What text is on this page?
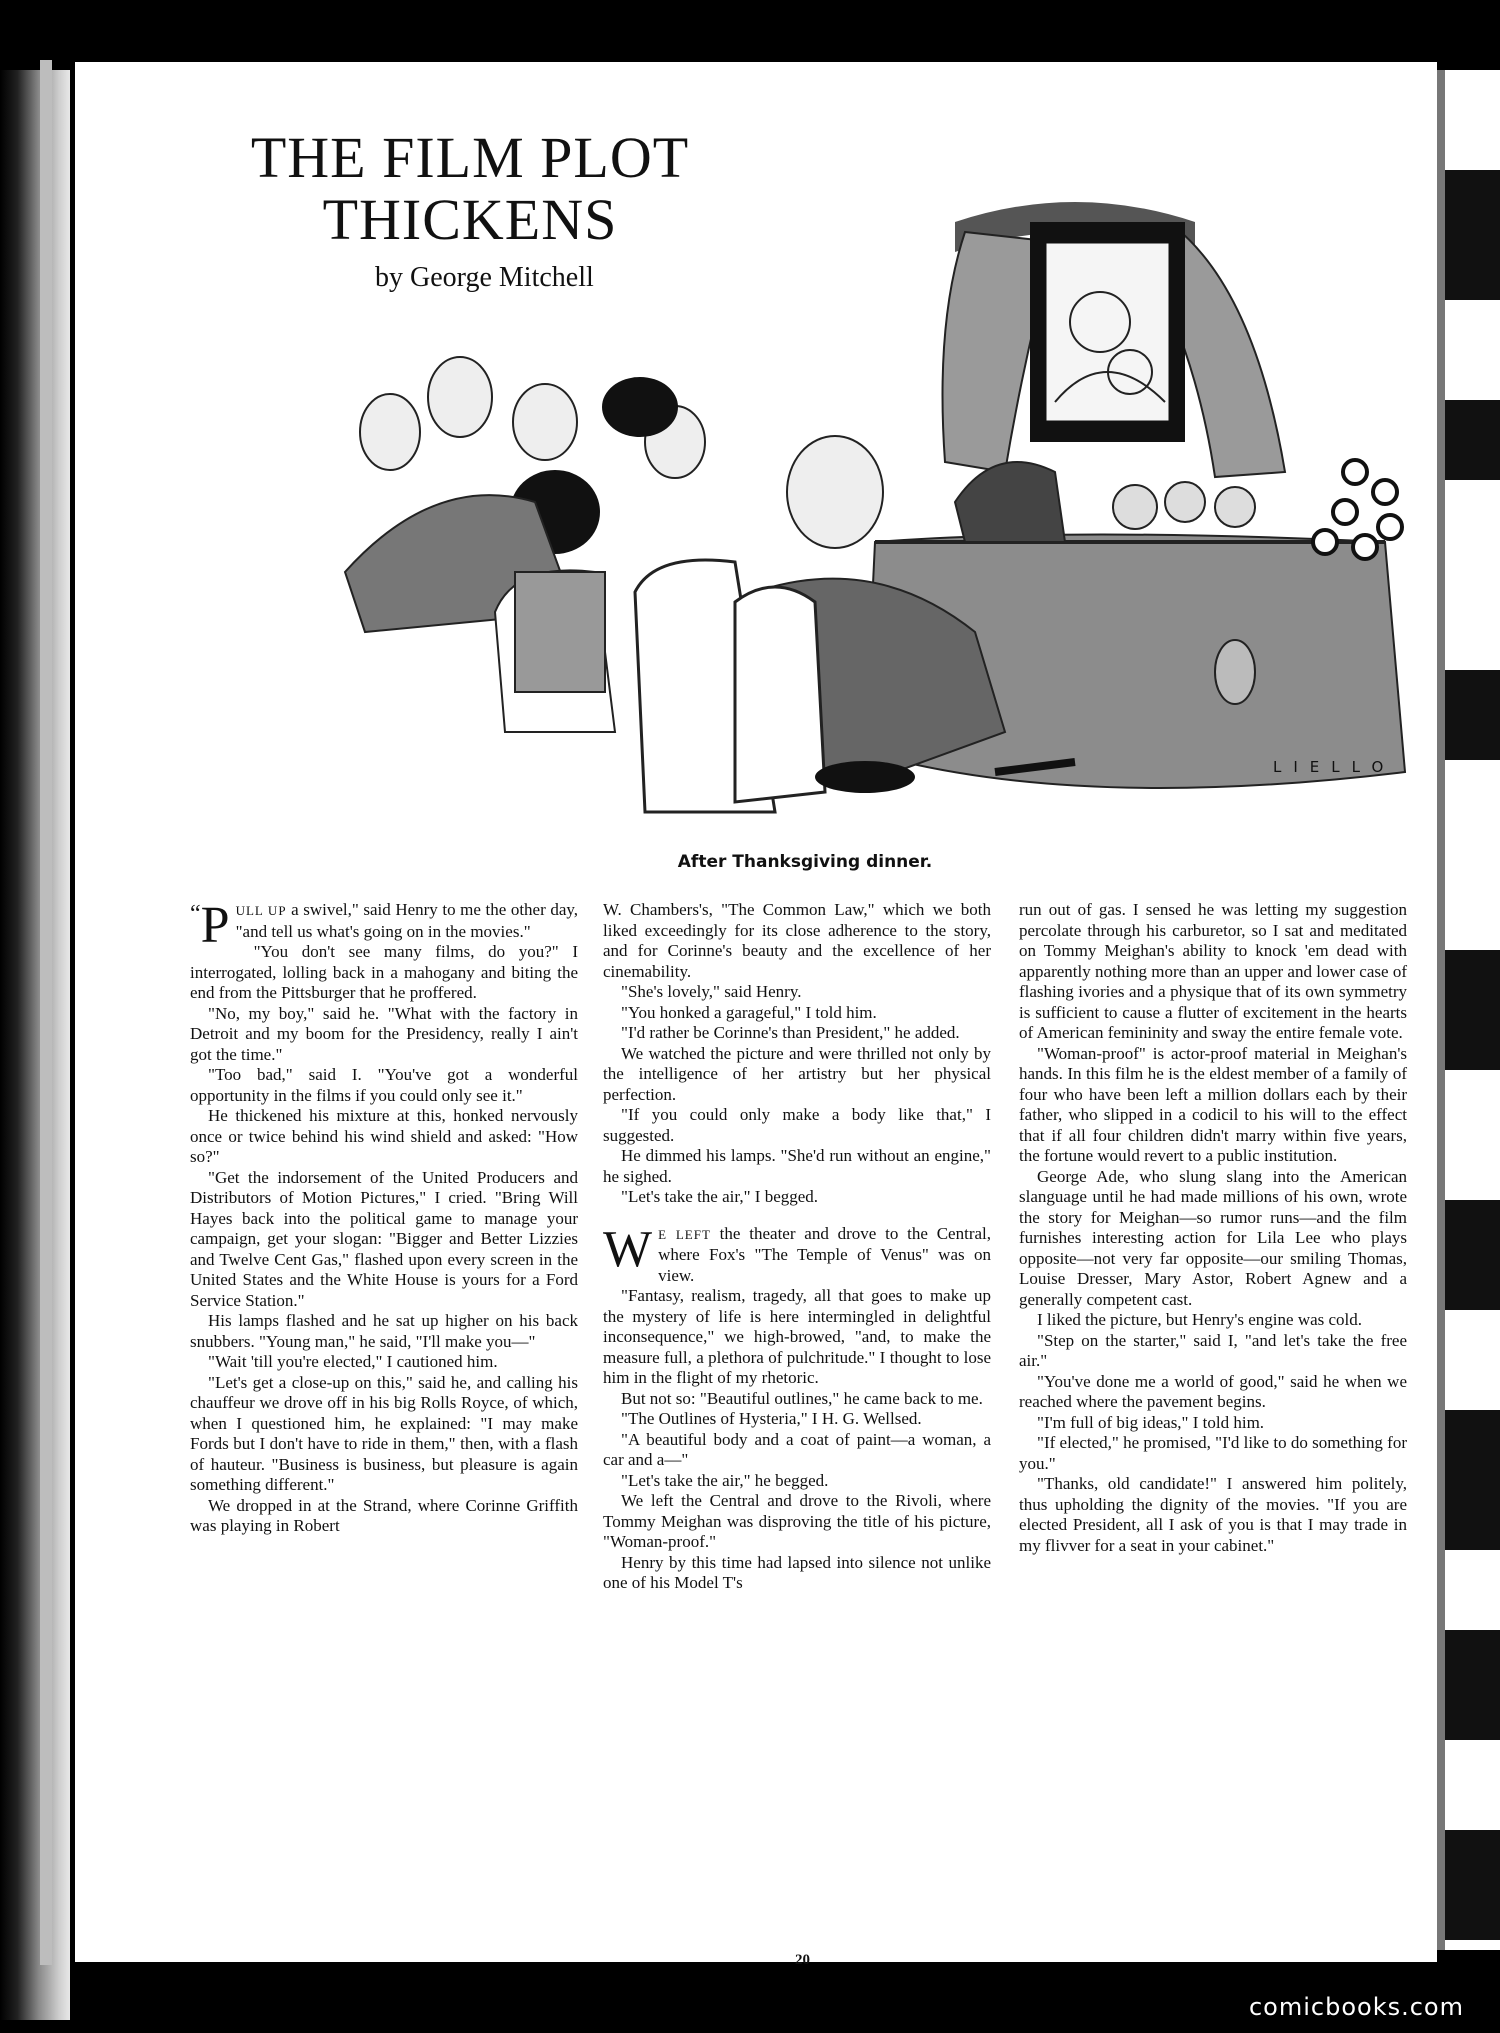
THE FILM PLOT THICKENS

by George Mitchell

LIELLO
After Thanksgiving dinner.

“ P ULL UP a swivel," said Henry to me the other day, "and tell us what's going on in the movies."

"You don't see many films, do you?" I interrogated, lolling back in a mahogany and biting the end from the Pittsburger that he proffered.

"No, my boy," said he. "What with the factory in Detroit and my boom for the Presidency, really I ain't got the time."

"Too bad," said I. "You've got a wonderful opportunity in the films if you could only see it."

He thickened his mixture at this, honked nervously once or twice behind his wind shield and asked: "How so?"

"Get the indorsement of the United Producers and Distributors of Motion Pictures," I cried. "Bring Will Hayes back into the political game to manage your campaign, get your slogan: "Bigger and Better Lizzies and Twelve Cent Gas," flashed upon every screen in the United States and the White House is yours for a Ford Service Station."

His lamps flashed and he sat up higher on his back snubbers. "Young man," he said, "I'll make you—"

"Wait 'till you're elected," I cautioned him.

"Let's get a close-up on this," said he, and calling his chauffeur we drove off in his big Rolls Royce, of which, when I questioned him, he explained: "I may make Fords but I don't have to ride in them," then, with a flash of hauteur. "Business is business, but pleasure is again something different."

We dropped in at the Strand, where Corinne Griffith was playing in Robert

W. Chambers's, "The Common Law," which we both liked exceedingly for its close adherence to the story, and for Corinne's beauty and the excellence of her cinemability.

"She's lovely," said Henry.

"You honked a garageful," I told him.

"I'd rather be Corinne's than President," he added.

We watched the picture and were thrilled not only by the intelligence of her artistry but her physical perfection.

"If you could only make a body like that," I suggested.

He dimmed his lamps. "She'd run without an engine," he sighed.

"Let's take the air," I begged.

W E LEFT the theater and drove to the Central, where Fox's "The Temple of Venus" was on view.

"Fantasy, realism, tragedy, all that goes to make up the mystery of life is here intermingled in delightful inconsequence," we high-browed, "and, to make the measure full, a plethora of pulchritude." I thought to lose him in the flight of my rhetoric.

But not so: "Beautiful outlines," he came back to me.

"The Outlines of Hysteria," I H. G. Wellsed.

"A beautiful body and a coat of paint—a woman, a car and a—"

"Let's take the air," he begged.

We left the Central and drove to the Rivoli, where Tommy Meighan was disproving the title of his picture, "Woman-proof."

Henry by this time had lapsed into silence not unlike one of his Model T's

run out of gas. I sensed he was letting my suggestion percolate through his carburetor, so I sat and meditated on Tommy Meighan's ability to knock 'em dead with apparently nothing more than an upper and lower case of flashing ivories and a physique that of its own symmetry is sufficient to cause a flutter of excitement in the hearts of American femininity and sway the entire female vote.

"Woman-proof" is actor-proof material in Meighan's hands. In this film he is the eldest member of a family of four who have been left a million dollars each by their father, who slipped in a codicil to his will to the effect that if all four children didn't marry within five years, the fortune would revert to a public institution.

George Ade, who slung slang into the American slanguage until he had made millions of his own, wrote the story for Meighan—so rumor runs—and the film furnishes interesting action for Lila Lee who plays opposite—not very far opposite—our smiling Thomas, Louise Dresser, Mary Astor, Robert Agnew and a generally competent cast.

I liked the picture, but Henry's engine was cold.

"Step on the starter," said I, "and let's take the free air."

"You've done me a world of good," said he when we reached where the pavement begins.

"I'm full of big ideas," I told him.

"If elected," he promised, "I'd like to do something for you."

"Thanks, old candidate!" I answered him politely, thus upholding the dignity of the movies. "If you are elected President, all I ask of you is that I may trade in my flivver for a seat in your cabinet."

20
comicbooks.com
